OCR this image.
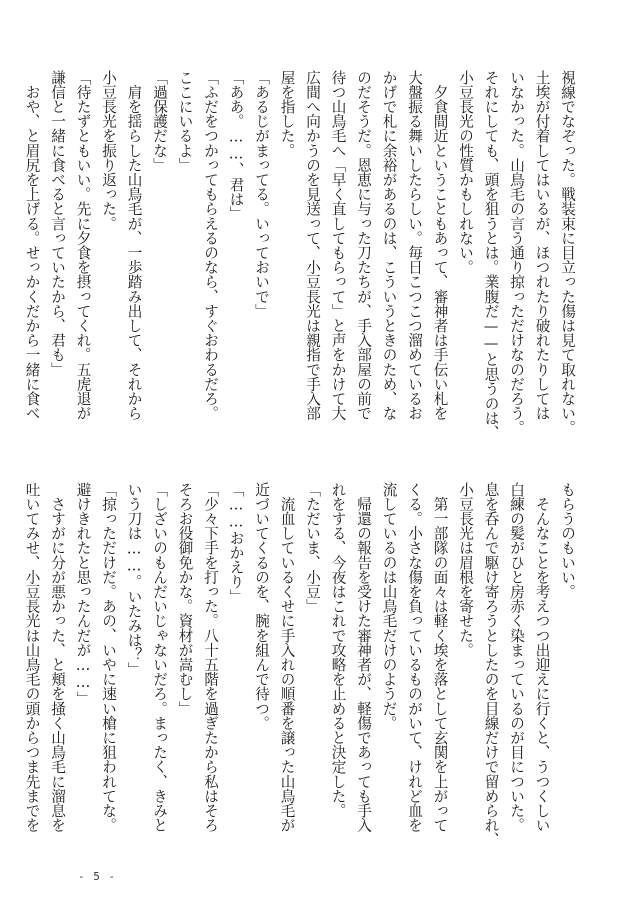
視線でなぞった。戦装束に目立った傷は見て取れない。
土埃が付着してはいるが、ほつれたり破れたりしては
いなかった。山鳥毛の言う通り掠っただけなのだろう。
それにしても、頭を狙うとは。業腹だ——と思うのは、
小豆長光の性質かもしれない。
　夕食間近ということもあって、審神者は手伝い札を
大盤振る舞いしたらしい。毎日こつこつ溜めているお
かげで札に余裕があるのは、こういうときのため、な
のだそうだ。恩恵に与った刀たちが、手入部屋の前で
待つ山鳥毛へ「早く直してもらって」と声をかけて大
広間へ向かうのを見送って、小豆長光は親指で手入部
屋を指した。
「あるじがまってる。いっておいで」
「ああ。……、君は」
「ふだをつかってもらえるのなら、すぐおわるだろ。
ここにいるよ」
「過保護だな」
　肩を揺らした山鳥毛が、一歩踏み出して、それから
小豆長光を振り返った。
「待たずともいい。先に夕食を摂ってくれ。五虎退が
謙信と一緒に食べると言っていたから、君も」
　おや、と眉尻を上げる。せっかくだから一緒に食べ
もらうのもいい。
　そんなことを考えつつ出迎えに行くと、うつくしい
白練の髪がひと房赤く染まっているのが目についた。
息を呑んで駆け寄ろうとしたのを目線だけで留められ、
小豆長光は眉根を寄せた。
　第一部隊の面々は軽く埃を落として玄関を上がって
くる。小さな傷を負っているものがいて、けれど血を
流しているのは山鳥毛だけのようだ。
　帰還の報告を受けた審神者が、軽傷であっても手入
れをする、今夜はこれで攻略を止めると決定した。
「ただいま、小豆」
　流血しているくせに手入れの順番を譲った山鳥毛が
近づいてくるのを、腕を組んで待つ。
「……おかえり」
「少々下手を打った。八十五階を過ぎたから私はそろ
そろお役御免かな。資材が嵩むし」
「しざいのもんだいじゃないだろ。まったく、きみと
いう刀は……。いたみは？」
「掠っただけだ。あの、いやに速い槍に狙われてな。
避けきれたと思ったんだが……」
　さすがに分が悪かった、と頬を掻く山鳥毛に溜息を
吐いてみせ、小豆長光は山鳥毛の頭からつま先までを
- 5 -
